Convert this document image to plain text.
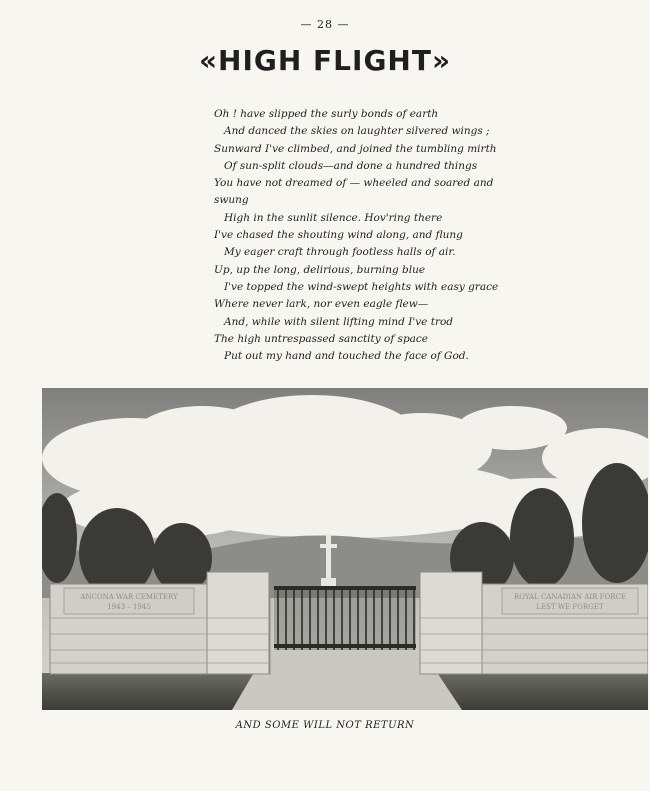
— 28 —
«HIGH FLIGHT»
Oh ! have slipped the surly bonds of earth
And danced the skies on laughter silvered wings ;
Sunward I've climbed, and joined the tumbling mirth
Of sun-split clouds—and done a hundred things
You have not dreamed of — wheeled and soared and swung
High in the sunlit silence. Hov'ring there
I've chased the shouting wind along, and flung
My eager craft through footless halls of air.
Up, up the long, delirious, burning blue
I've topped the wind-swept heights with easy grace
Where never lark, nor even eagle flew—
And, while with silent lifting mind I've trod
The high untrespassed sanctity of space
Put out my hand and touched the face of God.
ANCONA WAR CEMETERY
1943 – 1945
ROYAL CANADIAN AIR FORCE
LEST WE FORGET
AND SOME WILL NOT RETURN
